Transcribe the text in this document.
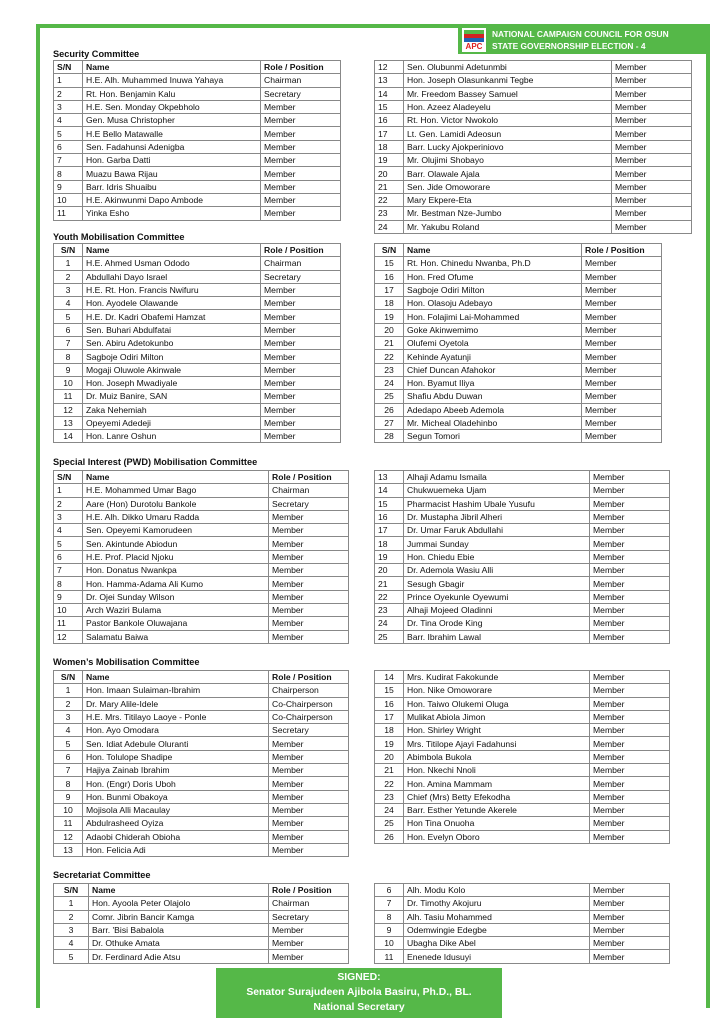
APC
NATIONAL CAMPAIGN COUNCIL FOR OSUN
STATE GOVERNORSHIP ELECTION - 4
Security Committee
S/N	Name	Role / Position
1	H.E. Alh. Muhammed Inuwa Yahaya	Chairman
2	Rt. Hon. Benjamin Kalu	Secretary
3	H.E. Sen. Monday Okpebholo	Member
4	Gen. Musa Christopher	Member
5	H.E Bello Matawalle	Member
6	Sen. Fadahunsi Adenigba	Member
7	Hon. Garba Datti	Member
8	Muazu Bawa Rijau	Member
9	Barr. Idris Shuaibu	Member
10	H.E. Akinwunmi Dapo Ambode	Member
11	Yinka Esho	Member
12	Sen. Olubunmi Adetunmbi	Member
13	Hon. Joseph Olasunkanmi Tegbe	Member
14	Mr. Freedom Bassey Samuel	Member
15	Hon. Azeez Aladeyelu	Member
16	Rt. Hon. Victor Nwokolo	Member
17	Lt. Gen. Lamidi Adeosun	Member
18	Barr. Lucky Ajokperiniovo	Member
19	Mr. Olujimi Shobayo	Member
20	Barr. Olawale Ajala	Member
21	Sen. Jide Omoworare	Member
22	Mary Ekpere-Eta	Member
23	Mr. Bestman Nze-Jumbo	Member
24	Mr. Yakubu Roland	Member
Youth Mobilisation Committee
S/N	Name	Role / Position
1	H.E. Ahmed Usman Ododo	Chairman
2	Abdullahi Dayo Israel	Secretary
3	H.E. Rt. Hon. Francis Nwifuru	Member
4	Hon. Ayodele Olawande	Member
5	H.E. Dr. Kadri Obafemi Hamzat	Member
6	Sen. Buhari Abdulfatai	Member
7	Sen. Abiru Adetokunbo	Member
8	Sagboje Odiri Milton	Member
9	Mogaji Oluwole Akinwale	Member
10	Hon. Joseph Mwadiyale	Member
11	Dr. Muiz Banire, SAN	Member
12	Zaka Nehemiah	Member
13	Opeyemi Adedeji	Member
14	Hon. Lanre Oshun	Member
S/N	Name	Role / Position
15	Rt. Hon. Chinedu Nwanba, Ph.D	Member
16	Hon. Fred Ofume	Member
17	Sagboje Odiri Milton	Member
18	Hon. Olasoju Adebayo	Member
19	Hon. Folajimi Lai-Mohammed	Member
20	Goke Akinwemimo	Member
21	Olufemi Oyetola	Member
22	Kehinde Ayatunji	Member
23	Chief Duncan Afahokor	Member
24	Hon. Byamut Iliya	Member
25	Shafiu Abdu Duwan	Member
26	Adedapo Abeeb Ademola	Member
27	Mr. Micheal Oladehinbo	Member
28	Segun Tomori	Member
Special Interest (PWD) Mobilisation Committee
S/N	Name	Role / Position
1	H.E. Mohammed Umar Bago	Chairman
2	Aare (Hon) Durotolu Bankole	Secretary
3	H.E. Alh. Dikko Umaru Radda	Member
4	Sen. Opeyemi Kamorudeen	Member
5	Sen. Akintunde Abiodun	Member
6	H.E. Prof. Placid Njoku	Member
7	Hon. Donatus Nwankpa	Member
8	Hon. Hamma-Adama Ali Kumo	Member
9	Dr. Ojei Sunday Wilson	Member
10	Arch Waziri Bulama	Member
11	Pastor Bankole Oluwajana	Member
12	Salamatu Baiwa	Member
13	Alhaji Adamu Ismaila	Member
14	Chukwuemeka Ujam	Member
15	Pharmacist Hashim Ubale Yusufu	Member
16	Dr. Mustapha Jibril Alheri	Member
17	Dr. Umar Faruk Abdullahi	Member
18	Jummai Sunday	Member
19	Hon. Chiedu Ebie	Member
20	Dr. Ademola Wasiu Alli	Member
21	Sesugh Gbagir	Member
22	Prince Oyekunle Oyewumi	Member
23	Alhaji Mojeed Oladinni	Member
24	Dr. Tina Orode King	Member
25	Barr. Ibrahim Lawal	Member
Women’s Mobilisation Committee
S/N	Name	Role / Position
1	Hon. Imaan Sulaiman-Ibrahim	Chairperson
2	Dr. Mary Alile-Idele	Co-Chairperson
3	H.E. Mrs. Titilayo Laoye - Ponle	Co-Chairperson
4	Hon. Ayo Omodara	Secretary
5	Sen. Idiat Adebule Oluranti	Member
6	Hon. Tolulope Shadipe	Member
7	Hajiya Zainab Ibrahim	Member
8	Hon. (Engr) Doris Uboh	Member
9	Hon. Bunmi Obakoya	Member
10	Mojisola Alli Macaulay	Member
11	Abdulrasheed Oyiza	Member
12	Adaobi Chiderah Obioha	Member
13	Hon. Felicia Adi	Member
14	Mrs. Kudirat Fakokunde	Member
15	Hon. Nike Omoworare	Member
16	Hon. Taiwo Olukemi Oluga	Member
17	Mulikat Abiola Jimon	Member
18	Hon. Shirley Wright	Member
19	Mrs. Titilope Ajayi Fadahunsi	Member
20	Abimbola Bukola	Member
21	Hon. Nkechi Nnoli	Member
22	Hon. Amina Mammam	Member
23	Chief (Mrs) Betty Efekodha	Member
24	Barr. Esther Yetunde Akerele	Member
25	Hon Tina Onuoha	Member
26	Hon. Evelyn Oboro	Member
Secretariat Committee
S/N	Name	Role / Position
1	Hon. Ayoola Peter Olajolo	Chairman
2	Comr. Jibrin Bancir Kamga	Secretary
3	Barr. 'Bisi Babalola	Member
4	Dr. Othuke Amata	Member
5	Dr. Ferdinard Adie Atsu	Member
6	Alh. Modu Kolo	Member
7	Dr. Timothy Akojuru	Member
8	Alh. Tasiu Mohammed	Member
9	Odemwingie Edegbe	Member
10	Ubagha Dike Abel	Member
11	Enenede Idusuyi	Member
SIGNED:
Senator Surajudeen Ajibola Basiru, Ph.D., BL.
National Secretary
